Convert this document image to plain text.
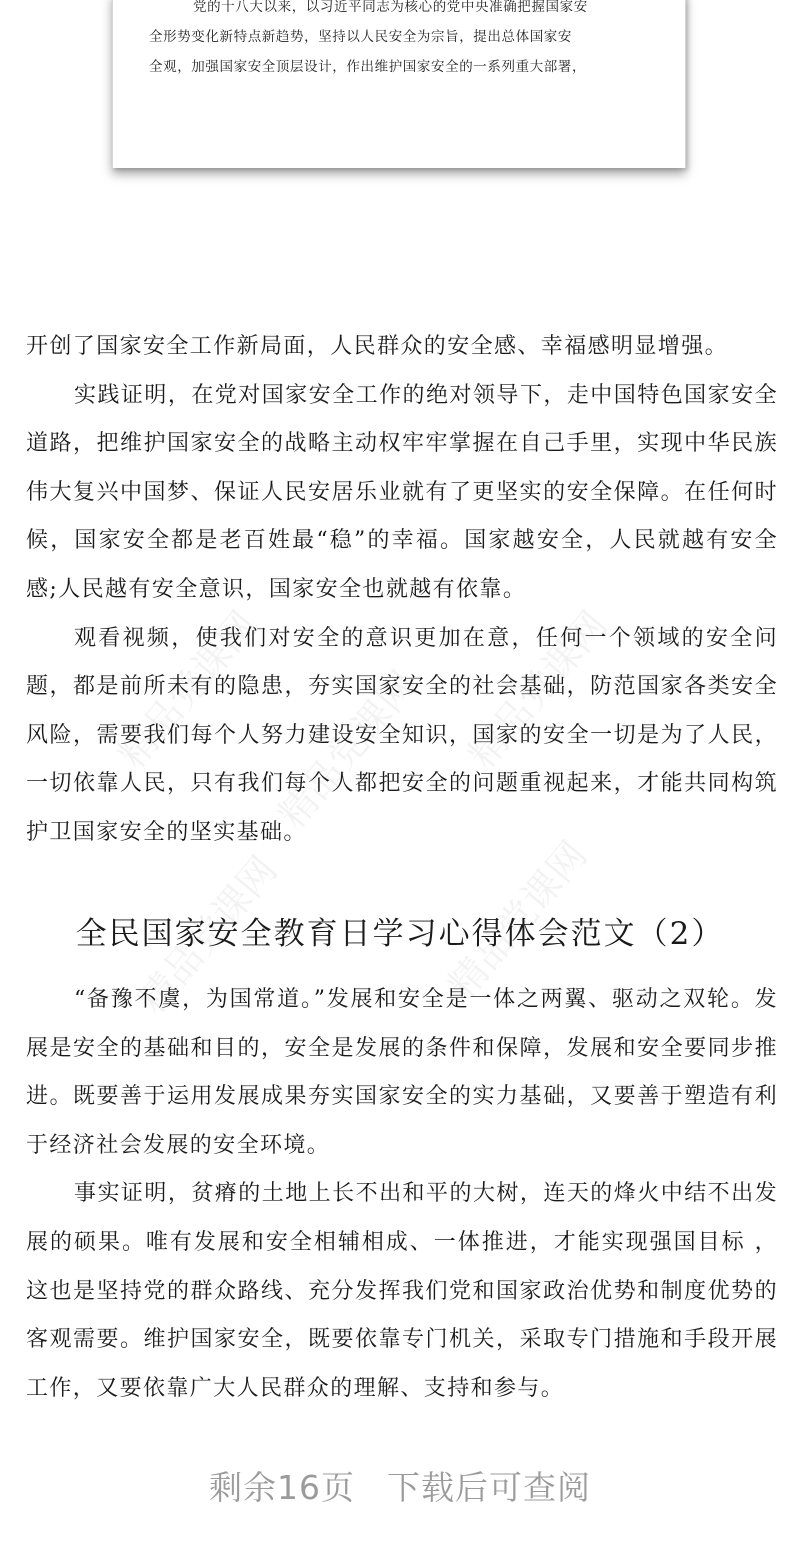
党的十八大以来，以习近平同志为核心的党中央准确把握国家安

全形势变化新特点新趋势，坚持以人民安全为宗旨，提出总体国家安

全观，加强国家安全顶层设计，作出维护国家安全的一系列重大部署，

精品党课网	精品党课网
精品党课网
精品党课网	精品党课网

开创了国家安全工作新局面，人民群众的安全感、幸福感明显增强。

实践证明，在党对国家安全工作的绝对领导下，走中国特色国家安全道路，把维护国家安全的战略主动权牢牢掌握在自己手里，实现中华民族伟大复兴中国梦、保证人民安居乐业就有了更坚实的安全保障。在任何时候，国家安全都是老百姓最“稳”的幸福。国家越安全，人民就越有安全感;人民越有安全意识，国家安全也就越有依靠。

观看视频，使我们对安全的意识更加在意，任何一个领域的安全问题，都是前所未有的隐患，夯实国家安全的社会基础，防范国家各类安全风险，需要我们每个人努力建设安全知识，国家的安全一切是为了人民，一切依靠人民，只有我们每个人都把安全的问题重视起来，才能共同构筑护卫国家安全的坚实基础。

全民国家安全教育日学习心得体会范文（2）

“备豫不虞，为国常道。”发展和安全是一体之两翼、驱动之双轮。发展是安全的基础和目的，安全是发展的条件和保障，发展和安全要同步推进。既要善于运用发展成果夯实国家安全的实力基础，又要善于塑造有利于经济社会发展的安全环境。

事实证明，贫瘠的土地上长不出和平的大树，连天的烽火中结不出发展的硕果。唯有发展和安全相辅相成、一体推进，才能实现强国目标 ，这也是坚持党的群众路线、充分发挥我们党和国家政治优势和制度优势的客观需要。维护国家安全，既要依靠专门机关，采取专门措施和手段开展工作，又要依靠广大人民群众的理解、支持和参与。

剩余16页 下载后可查阅
